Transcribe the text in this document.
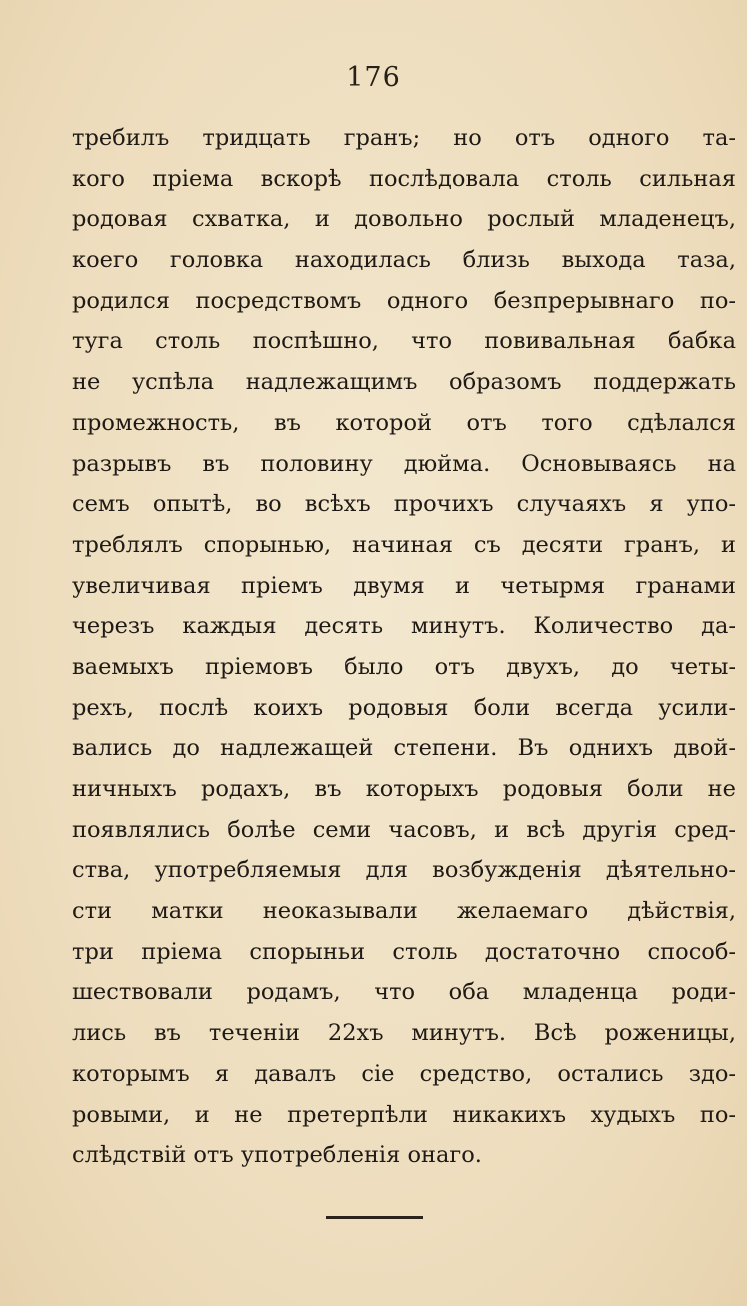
176
требилъ тридцать гранъ; но отъ одного та-
кого пріема вскорѣ послѣдовала столь сильная
родовая схватка, и довольно рослый младенецъ,
коего головка находилась близь выхода таза,
родился посредствомъ одного безпрерывнаго по-
туга столь поспѣшно, что повивальная бабка
не успѣла надлежащимъ образомъ поддержать
промежность, въ которой отъ того сдѣлался
разрывъ въ половину дюйма. Основываясь на
семъ опытѣ, во всѣхъ прочихъ случаяхъ я упо-
треблялъ спорынью, начиная съ десяти гранъ, и
увеличивая пріемъ двумя и четырмя гранами
черезъ каждыя десять минутъ. Количество да-
ваемыхъ пріемовъ было отъ двухъ, до четы-
рехъ, послѣ коихъ родовыя боли всегда усили-
вались до надлежащей степени. Въ однихъ двой-
ничныхъ родахъ, въ которыхъ родовыя боли не
появлялись болѣе семи часовъ, и всѣ другія сред-
ства, употребляемыя для возбужденія дѣятельно-
сти матки неоказывали желаемаго дѣйствія,
три пріема спорыньи столь достаточно способ-
шествовали родамъ, что оба младенца роди-
лись въ теченіи 22хъ минутъ. Всѣ роженицы,
которымъ я давалъ сіе средство, остались здо-
ровыми, и не претерпѣли никакихъ худыхъ по-
слѣдствій отъ употребленія онаго.
